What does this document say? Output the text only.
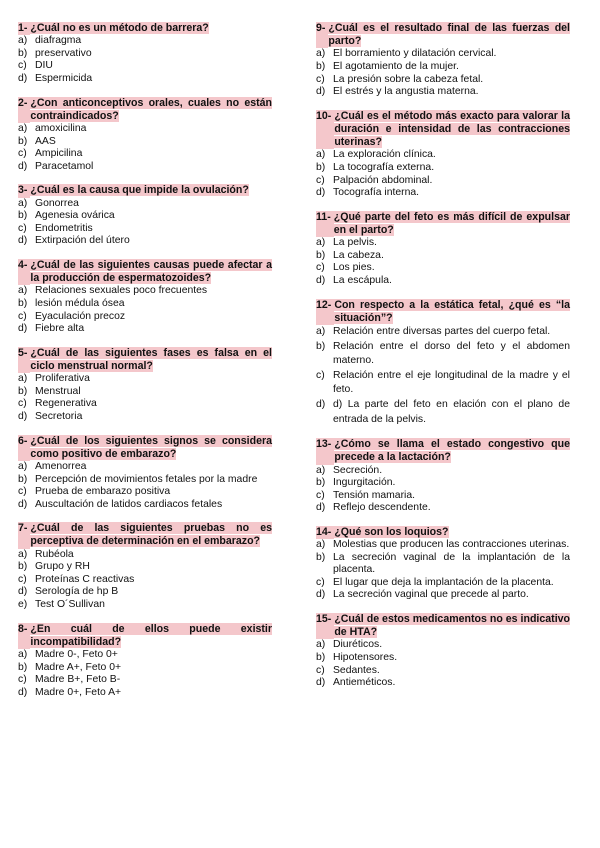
1- ¿Cuál no es un método de barrera?
a) diafragma
b) preservativo
c) DIU
d) Espermicida
2- ¿Con anticonceptivos orales, cuales no están contraindicados?
a) amoxicilina
b) AAS
c) Ampicilina
d) Paracetamol
3- ¿Cuál es la causa que impide la ovulación?
a) Gonorrea
b) Agenesia ovárica
c) Endometritis
d) Extirpación del útero
4- ¿Cuál de las siguientes causas puede afectar a la producción de espermatozoides?
a) Relaciones sexuales poco frecuentes
b) lesión médula ósea
c) Eyaculación precoz
d) Fiebre alta
5- ¿Cuál de las siguientes fases es falsa en el ciclo menstrual normal?
a) Proliferativa
b) Menstrual
c) Regenerativa
d) Secretoria
6- ¿Cuál de los siguientes signos se considera como positivo de embarazo?
a) Amenorrea
b) Percepción de movimientos fetales por la madre
c) Prueba de embarazo positiva
d) Auscultación de latidos cardiacos fetales
7- ¿Cuál de las siguientes pruebas no es perceptiva de determinación en el embarazo?
a) Rubéola
b) Grupo y RH
c) Proteínas C reactivas
d) Serología de hp B
e) Test O´Sullivan
8- ¿En cuál de ellos puede existir incompatibilidad?
a) Madre 0-, Feto 0+
b) Madre A+, Feto 0+
c) Madre B+, Feto B-
d) Madre 0+, Feto A+
9- ¿Cuál es el resultado final de las fuerzas del parto?
a) El borramiento y dilatación cervical.
b) El agotamiento de la mujer.
c) La presión sobre la cabeza fetal.
d) El estrés y la angustia materna.
10- ¿Cuál es el método más exacto para valorar la duración e intensidad de las contracciones uterinas?
a) La exploración clínica.
b) La tocografía externa.
c) Palpación abdominal.
d) Tocografía interna.
11- ¿Qué parte del feto es más difícil de expulsar en el parto?
a) La pelvis.
b) La cabeza.
c) Los pies.
d) La escápula.
12- Con respecto a la estática fetal, ¿qué es “la situación”?
a) Relación entre diversas partes del cuerpo fetal.
b) Relación entre el dorso del feto y el abdomen materno.
c) Relación entre el eje longitudinal de la madre y el feto.
d) d) La parte del feto en elación con el plano de entrada de la pelvis.
13- ¿Cómo se llama el estado congestivo que precede a la lactación?
a) Secreción.
b) Ingurgitación.
c) Tensión mamaria.
d) Reflejo descendente.
14- ¿Qué son los loquios?
a) Molestias que producen las contracciones uterinas.
b) La secreción vaginal de la implantación de la placenta.
c) El lugar que deja la implantación de la placenta.
d) La secreción vaginal que precede al parto.
15- ¿Cuál de estos medicamentos no es indicativo de HTA?
a) Diuréticos.
b) Hipotensores.
c) Sedantes.
d) Antieméticos.
